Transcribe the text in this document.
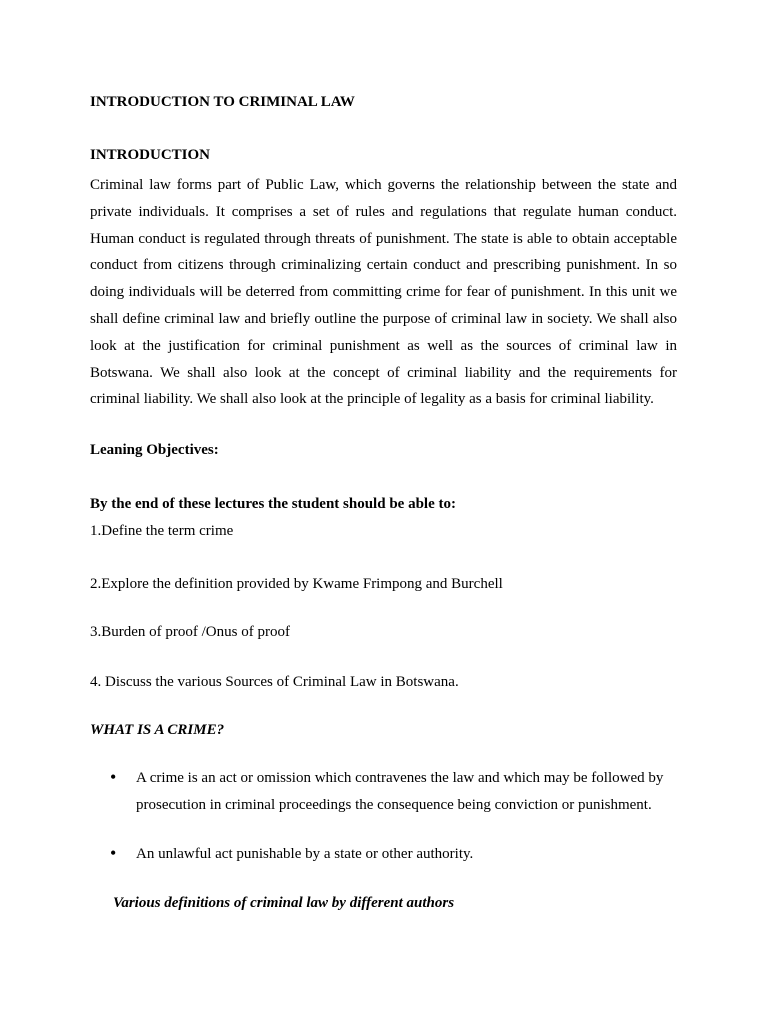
INTRODUCTION TO CRIMINAL LAW

INTRODUCTION

Criminal law forms part of Public Law, which governs the relationship between the state and private individuals. It comprises a set of rules and regulations that regulate human conduct. Human conduct is regulated through threats of punishment. The state is able to obtain acceptable conduct from citizens through criminalizing certain conduct and prescribing punishment. In so doing individuals will be deterred from committing crime for fear of punishment. In this unit we shall define criminal law and briefly outline the purpose of criminal law in society. We shall also look at the justification for criminal punishment as well as the sources of criminal law in Botswana. We shall also look at the concept of criminal liability and the requirements for criminal liability. We shall also look at the principle of legality as a basis for criminal liability.

Leaning Objectives:

By the end of these lectures the student should be able to:

1.Define the term crime

2.Explore the definition provided by Kwame Frimpong and Burchell

3.Burden of proof /Onus of proof

4. Discuss the various Sources of Criminal Law in Botswana.

WHAT IS A CRIME?

• A crime is an act or omission which contravenes the law and which may be followed by prosecution in criminal proceedings the consequence being conviction or punishment.

• An unlawful act punishable by a state or other authority.

Various definitions of criminal law by different authors
